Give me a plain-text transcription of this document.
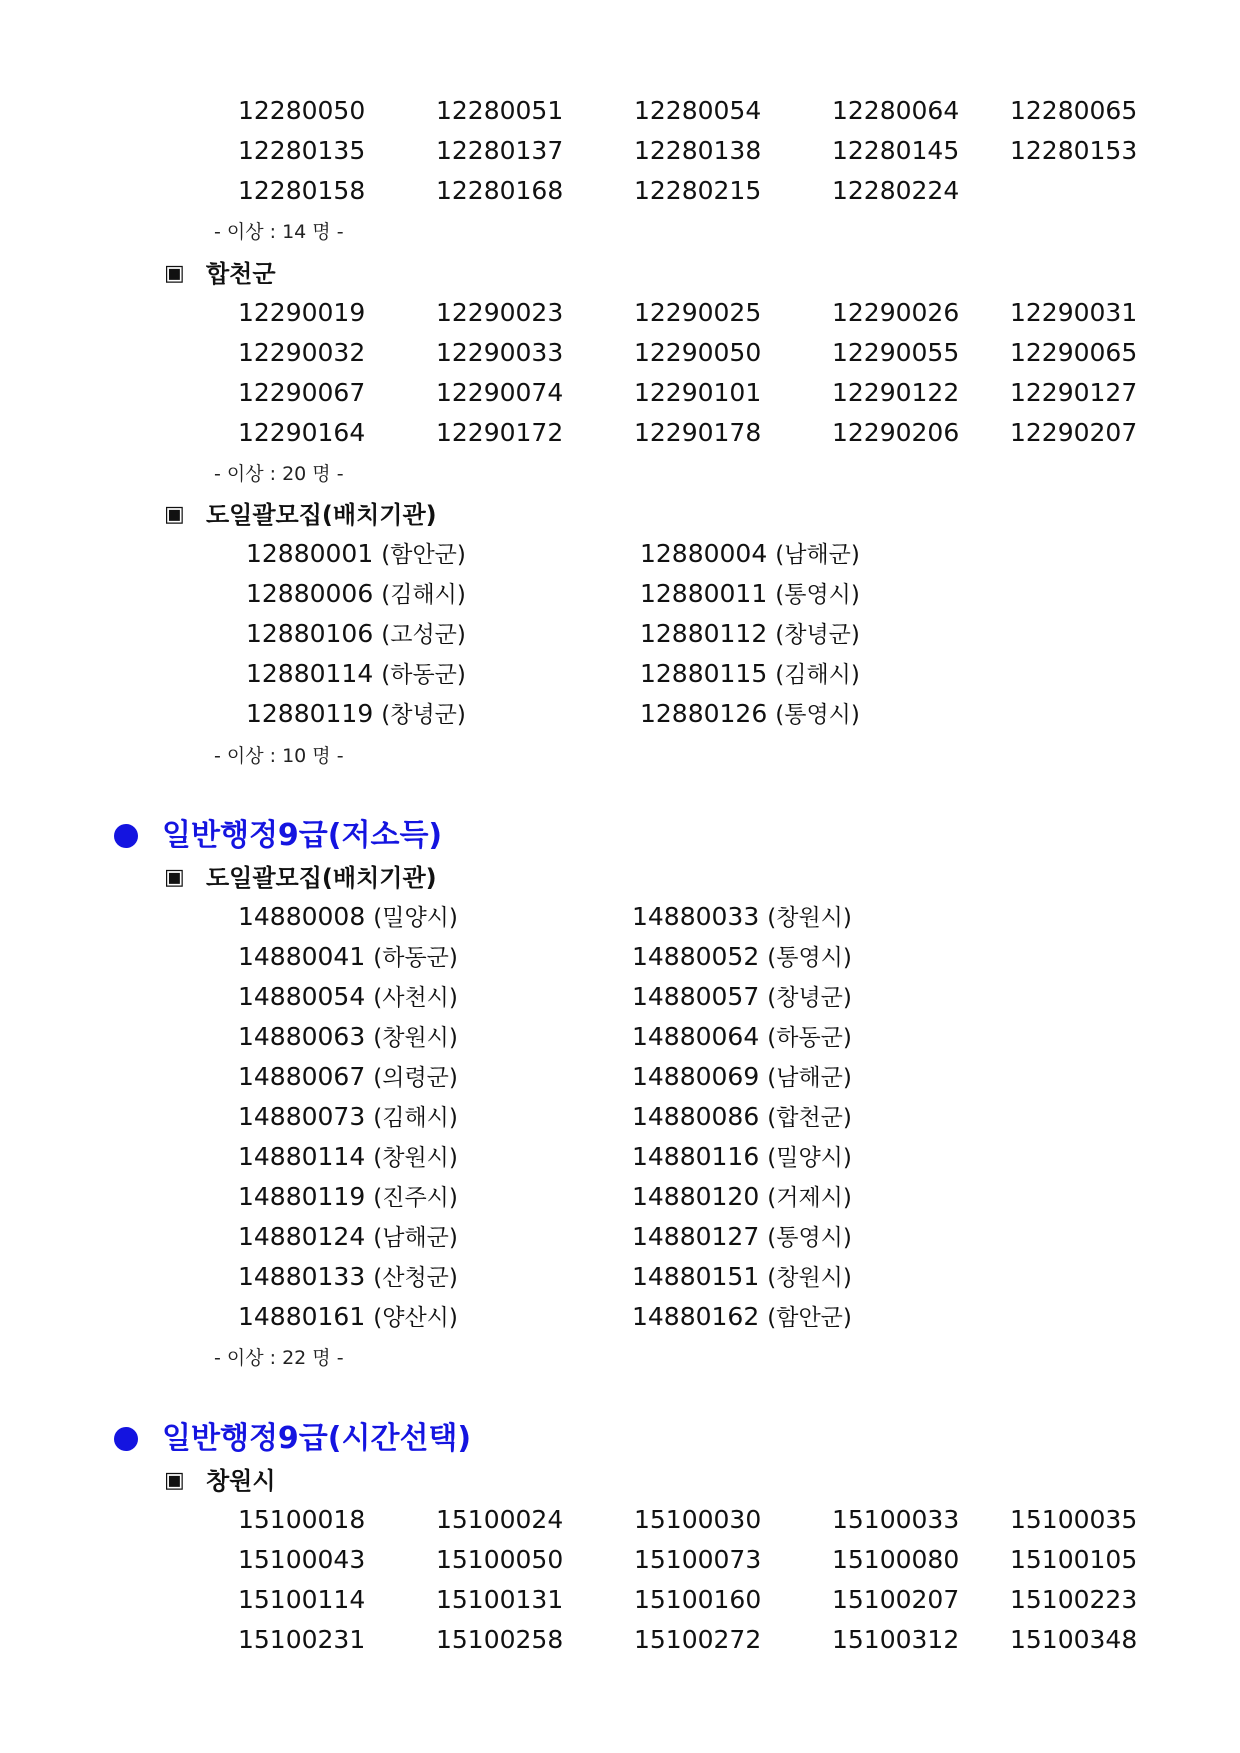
12280050	12280051	12280054	12280064 12280065
12280135	12280137	12280138	12280145 12280153
12280158	12280168	12280215	12280224
- 이상 : 14 명 -
▣ 합천군
12290019	12290023	12290025	12290026 12290031
12290032	12290033	12290050	12290055 12290065
12290067	12290074	12290101	12290122 12290127
12290164	12290172	12290178	12290206 12290207
- 이상 : 20 명 -
▣ 도일괄모집(배치기관)
12880001 (함안군)	12880004 (남해군)
12880006 (김해시)	12880011 (통영시)
12880106 (고성군)	12880112 (창녕군)
12880114 (하동군)	12880115 (김해시)
12880119 (창녕군)	12880126 (통영시)
- 이상 : 10 명 -
일반행정9급(저소득)
▣ 도일괄모집(배치기관)
14880008 (밀양시)	14880033 (창원시)
14880041 (하동군)	14880052 (통영시)
14880054 (사천시)	14880057 (창녕군)
14880063 (창원시)	14880064 (하동군)
14880067 (의령군)	14880069 (남해군)
14880073 (김해시)	14880086 (합천군)
14880114 (창원시)	14880116 (밀양시)
14880119 (진주시)	14880120 (거제시)
14880124 (남해군)	14880127 (통영시)
14880133 (산청군)	14880151 (창원시)
14880161 (양산시)	14880162 (함안군)
- 이상 : 22 명 -
일반행정9급(시간선택)
▣ 창원시
15100018	15100024	15100030	15100033 15100035
15100043	15100050	15100073	15100080 15100105
15100114	15100131	15100160	15100207 15100223
15100231	15100258	15100272	15100312 15100348
